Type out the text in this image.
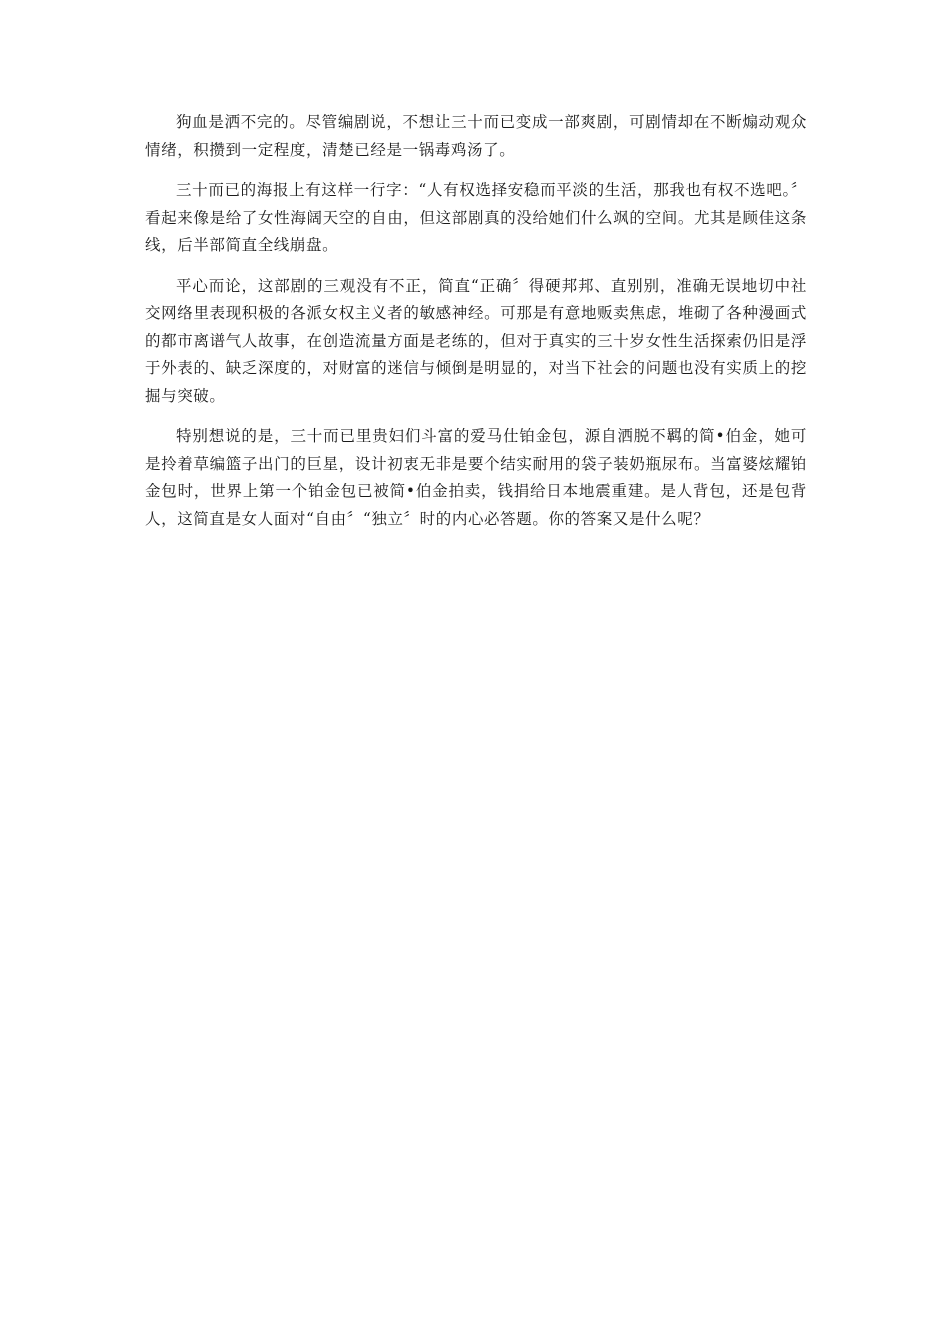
狗血是洒不完的。尽管编剧说，不想让三十而已变成一部爽剧，可剧情却在不断煽动观众情绪，积攒到一定程度，清楚已经是一锅毒鸡汤了。

三十而已的海报上有这样一行字：“人有权选择安稳而平淡的生活，那我也有权不选吧。〞看起来像是给了女性海阔天空的自由，但这部剧真的没给她们什么飒的空间。尤其是顾佳这条线，后半部简直全线崩盘。

平心而论，这部剧的三观没有不正，简直“正确〞得硬邦邦、直别别，准确无误地切中社交网络里表现积极的各派女权主义者的敏感神经。可那是有意地贩卖焦虑，堆砌了各种漫画式的都市离谱气人故事，在创造流量方面是老练的，但对于真实的三十岁女性生活探索仍旧是浮于外表的、缺乏深度的，对财富的迷信与倾倒是明显的，对当下社会的问题也没有实质上的挖掘与突破。

特别想说的是，三十而已里贵妇们斗富的爱马仕铂金包，源自洒脱不羁的简•伯金，她可是拎着草编篮子出门的巨星，设计初衷无非是要个结实耐用的袋子装奶瓶尿布。当富婆炫耀铂金包时，世界上第一个铂金包已被简•伯金拍卖，钱捐给日本地震重建。是人背包，还是包背人，这简直是女人面对“自由〞“独立〞时的内心必答题。你的答案又是什么呢？
